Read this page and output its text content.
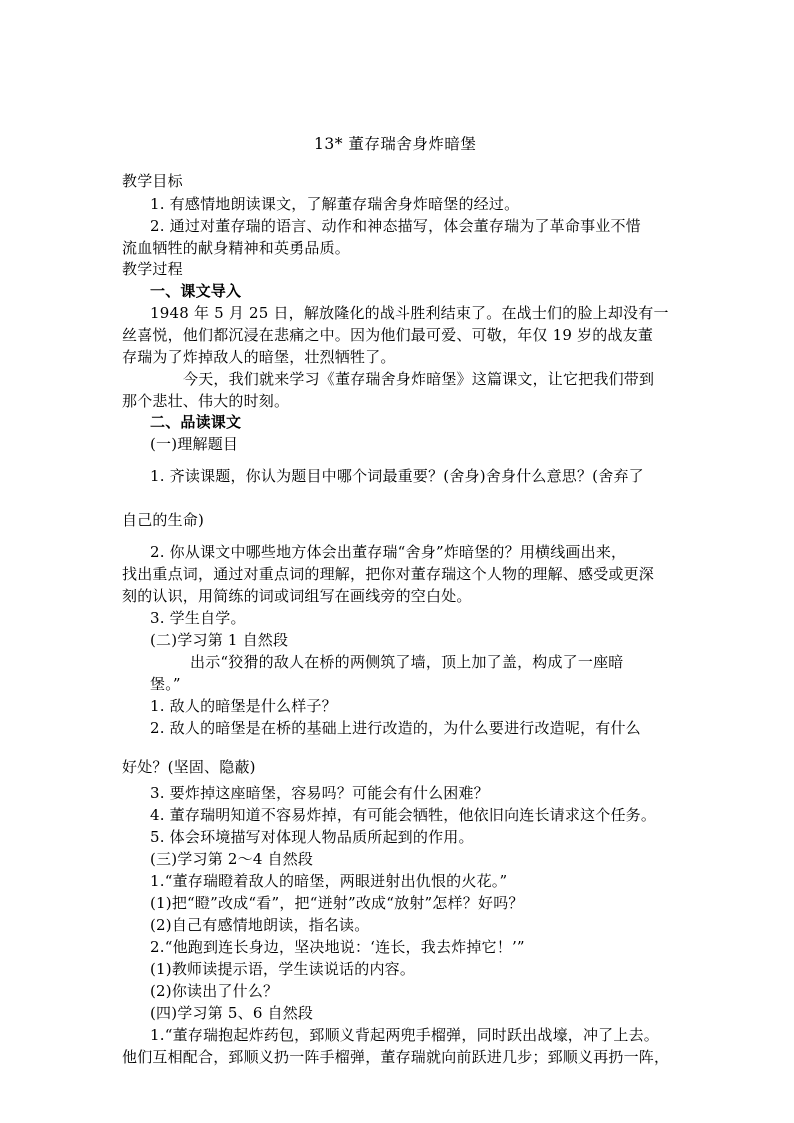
13* 董存瑞舍身炸暗堡
教学目标
1. 有感情地朗读课文，了解董存瑞舍身炸暗堡的经过。
2. 通过对董存瑞的语言、动作和神态描写，体会董存瑞为了革命事业不惜
流血牺牲的献身精神和英勇品质。
教学过程
一、课文导入
1948 年 5 月 25 日，解放隆化的战斗胜利结束了。在战士们的脸上却没有一
丝喜悦，他们都沉浸在悲痛之中。因为他们最可爱、可敬，年仅 19 岁的战友董
存瑞为了炸掉敌人的暗堡，壮烈牺牲了。
今天，我们就来学习《董存瑞舍身炸暗堡》这篇课文，让它把我们带到
那个悲壮、伟大的时刻。
二、品读课文
(一)理解题目
1. 齐读课题，你认为题目中哪个词最重要？(舍身)舍身什么意思？(舍弃了
自己的生命)
2. 你从课文中哪些地方体会出董存瑞“舍身”炸暗堡的？用横线画出来，
找出重点词，通过对重点词的理解，把你对董存瑞这个人物的理解、感受或更深
刻的认识，用简练的词或词组写在画线旁的空白处。
3. 学生自学。
(二)学习第 1 自然段
出示“狡猾的敌人在桥的两侧筑了墙，顶上加了盖，构成了一座暗
堡。”
1. 敌人的暗堡是什么样子？
2. 敌人的暗堡是在桥的基础上进行改造的，为什么要进行改造呢，有什么
好处？(坚固、隐蔽)
3. 要炸掉这座暗堡，容易吗？可能会有什么困难？
4. 董存瑞明知道不容易炸掉，有可能会牺牲，他依旧向连长请求这个任务。
5. 体会环境描写对体现人物品质所起到的作用。
(三)学习第 2～4 自然段
1.“董存瑞瞪着敌人的暗堡，两眼迸射出仇恨的火花。”
(1)把“瞪”改成“看”，把“迸射”改成“放射”怎样？好吗？
(2)自己有感情地朗读，指名读。
2.“他跑到连长身边，坚决地说：‘连长，我去炸掉它！’”
(1)教师读提示语，学生读说话的内容。
(2)你读出了什么？
(四)学习第 5、6 自然段
1.“董存瑞抱起炸药包，郅顺义背起两兜手榴弹，同时跃出战壕，冲了上去。
他们互相配合，郅顺义扔一阵手榴弹，董存瑞就向前跃进几步；郅顺义再扔一阵，
